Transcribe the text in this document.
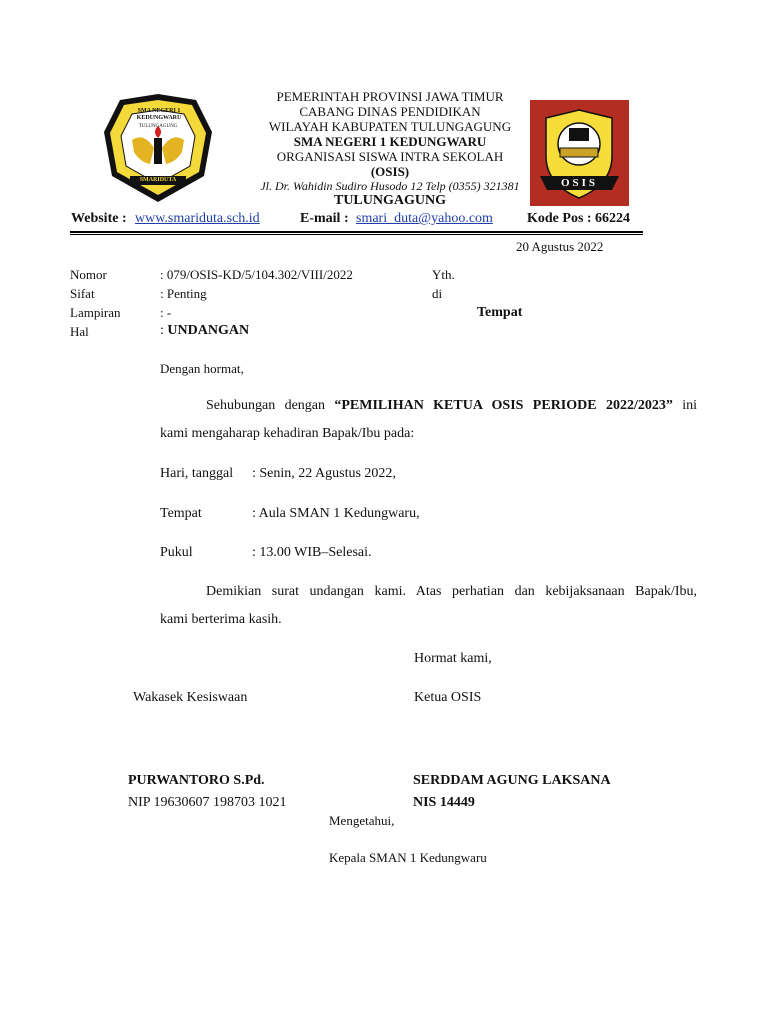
SMA NEGERI 1 KEDUNGWARU
TULUNGAGUNG
SMARIDUTA	OSIS
PEMERINTAH PROVINSI JAWA TIMUR
CABANG DINAS PENDIDIKAN
WILAYAH KABUPATEN TULUNGAGUNG
SMA NEGERI 1 KEDUNGWARU
ORGANISASI SISWA INTRA SEKOLAH
(OSIS)
Jl. Dr. Wahidin Sudiro Husodo 12 Telp (0355) 321381
TULUNGAGUNG
Website : www.smariduta.sch.id	E-mail : smari_duta@yahoo.com Kode Pos : 66224
20 Agustus 2022
Nomor	: 079/OSIS-KD/5/104.302/VIII/2022
Sifat	: Penting
Lampiran	: -
Hal	: UNDANGAN
Yth.
di
Tempat
Dengan hormat,
Sehubungan dengan “PEMILIHAN KETUA OSIS PERIODE 2022/2023” ini
kami mengaharap kehadiran Bapak/Ibu pada:
Hari, tanggal : Senin, 22 Agustus 2022,
Tempat	: Aula SMAN 1 Kedungwaru,
Pukul	: 13.00 WIB–Selesai.
Demikian surat undangan kami. Atas perhatian dan kebijaksanaan Bapak/Ibu,
kami berterima kasih.
Hormat kami,
Wakasek Kesiswaan	Ketua OSIS
PURWANTORO S.Pd.
NIP 19630607 198703 1021
SERDDAM AGUNG LAKSANA
NIS 14449
Mengetahui,
Kepala SMAN 1 Kedungwaru
